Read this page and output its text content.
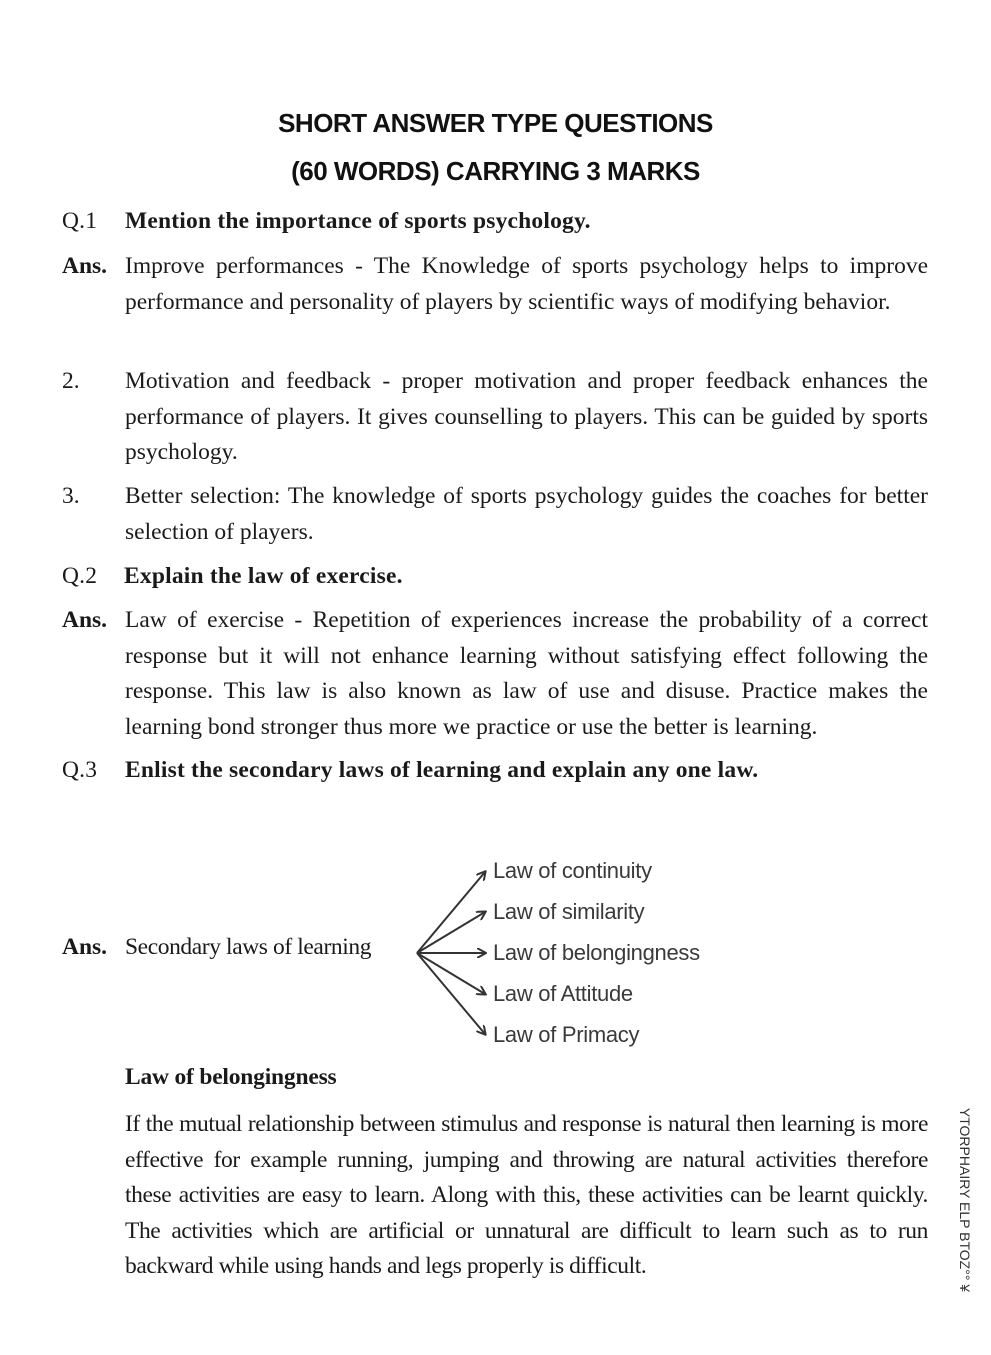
SHORT ANSWER TYPE QUESTIONS
(60 WORDS) CARRYING 3 MARKS
Q.1 Mention the importance of sports psychology.
Ans. Improve performances - The Knowledge of sports psychology helps to improve performance and personality of players by scientific ways of modifying behavior.
2. Motivation and feedback - proper motivation and proper feedback enhances the performance of players. It gives counselling to players. This can be guided by sports psychology.
3. Better selection: The knowledge of sports psychology guides the coaches for better selection of players.
Q.2 Explain the law of exercise.
Ans. Law of exercise - Repetition of experiences increase the probability of a correct response but it will not enhance learning without satisfying effect following the response. This law is also known as law of use and disuse. Practice makes the learning bond stronger thus more we practice or use the better is learning.
Q.3 Enlist the secondary laws of learning and explain any one law.
Ans. Secondary laws of learning
Law of continuity
Law of similarity
Law of belongingness
Law of Attitude
Law of Primacy
Law of belongingness
If the mutual relationship between stimulus and response is natural then learning is more effective for example running, jumping and throwing are natural activities therefore these activities are easy to learn. Along with this, these activities can be learnt quickly. The activities which are artificial or unnatural are difficult to learn such as to run backward while using hands and legs properly is difficult.	YTORPHAIRY ELP BTOZ°° ¥
